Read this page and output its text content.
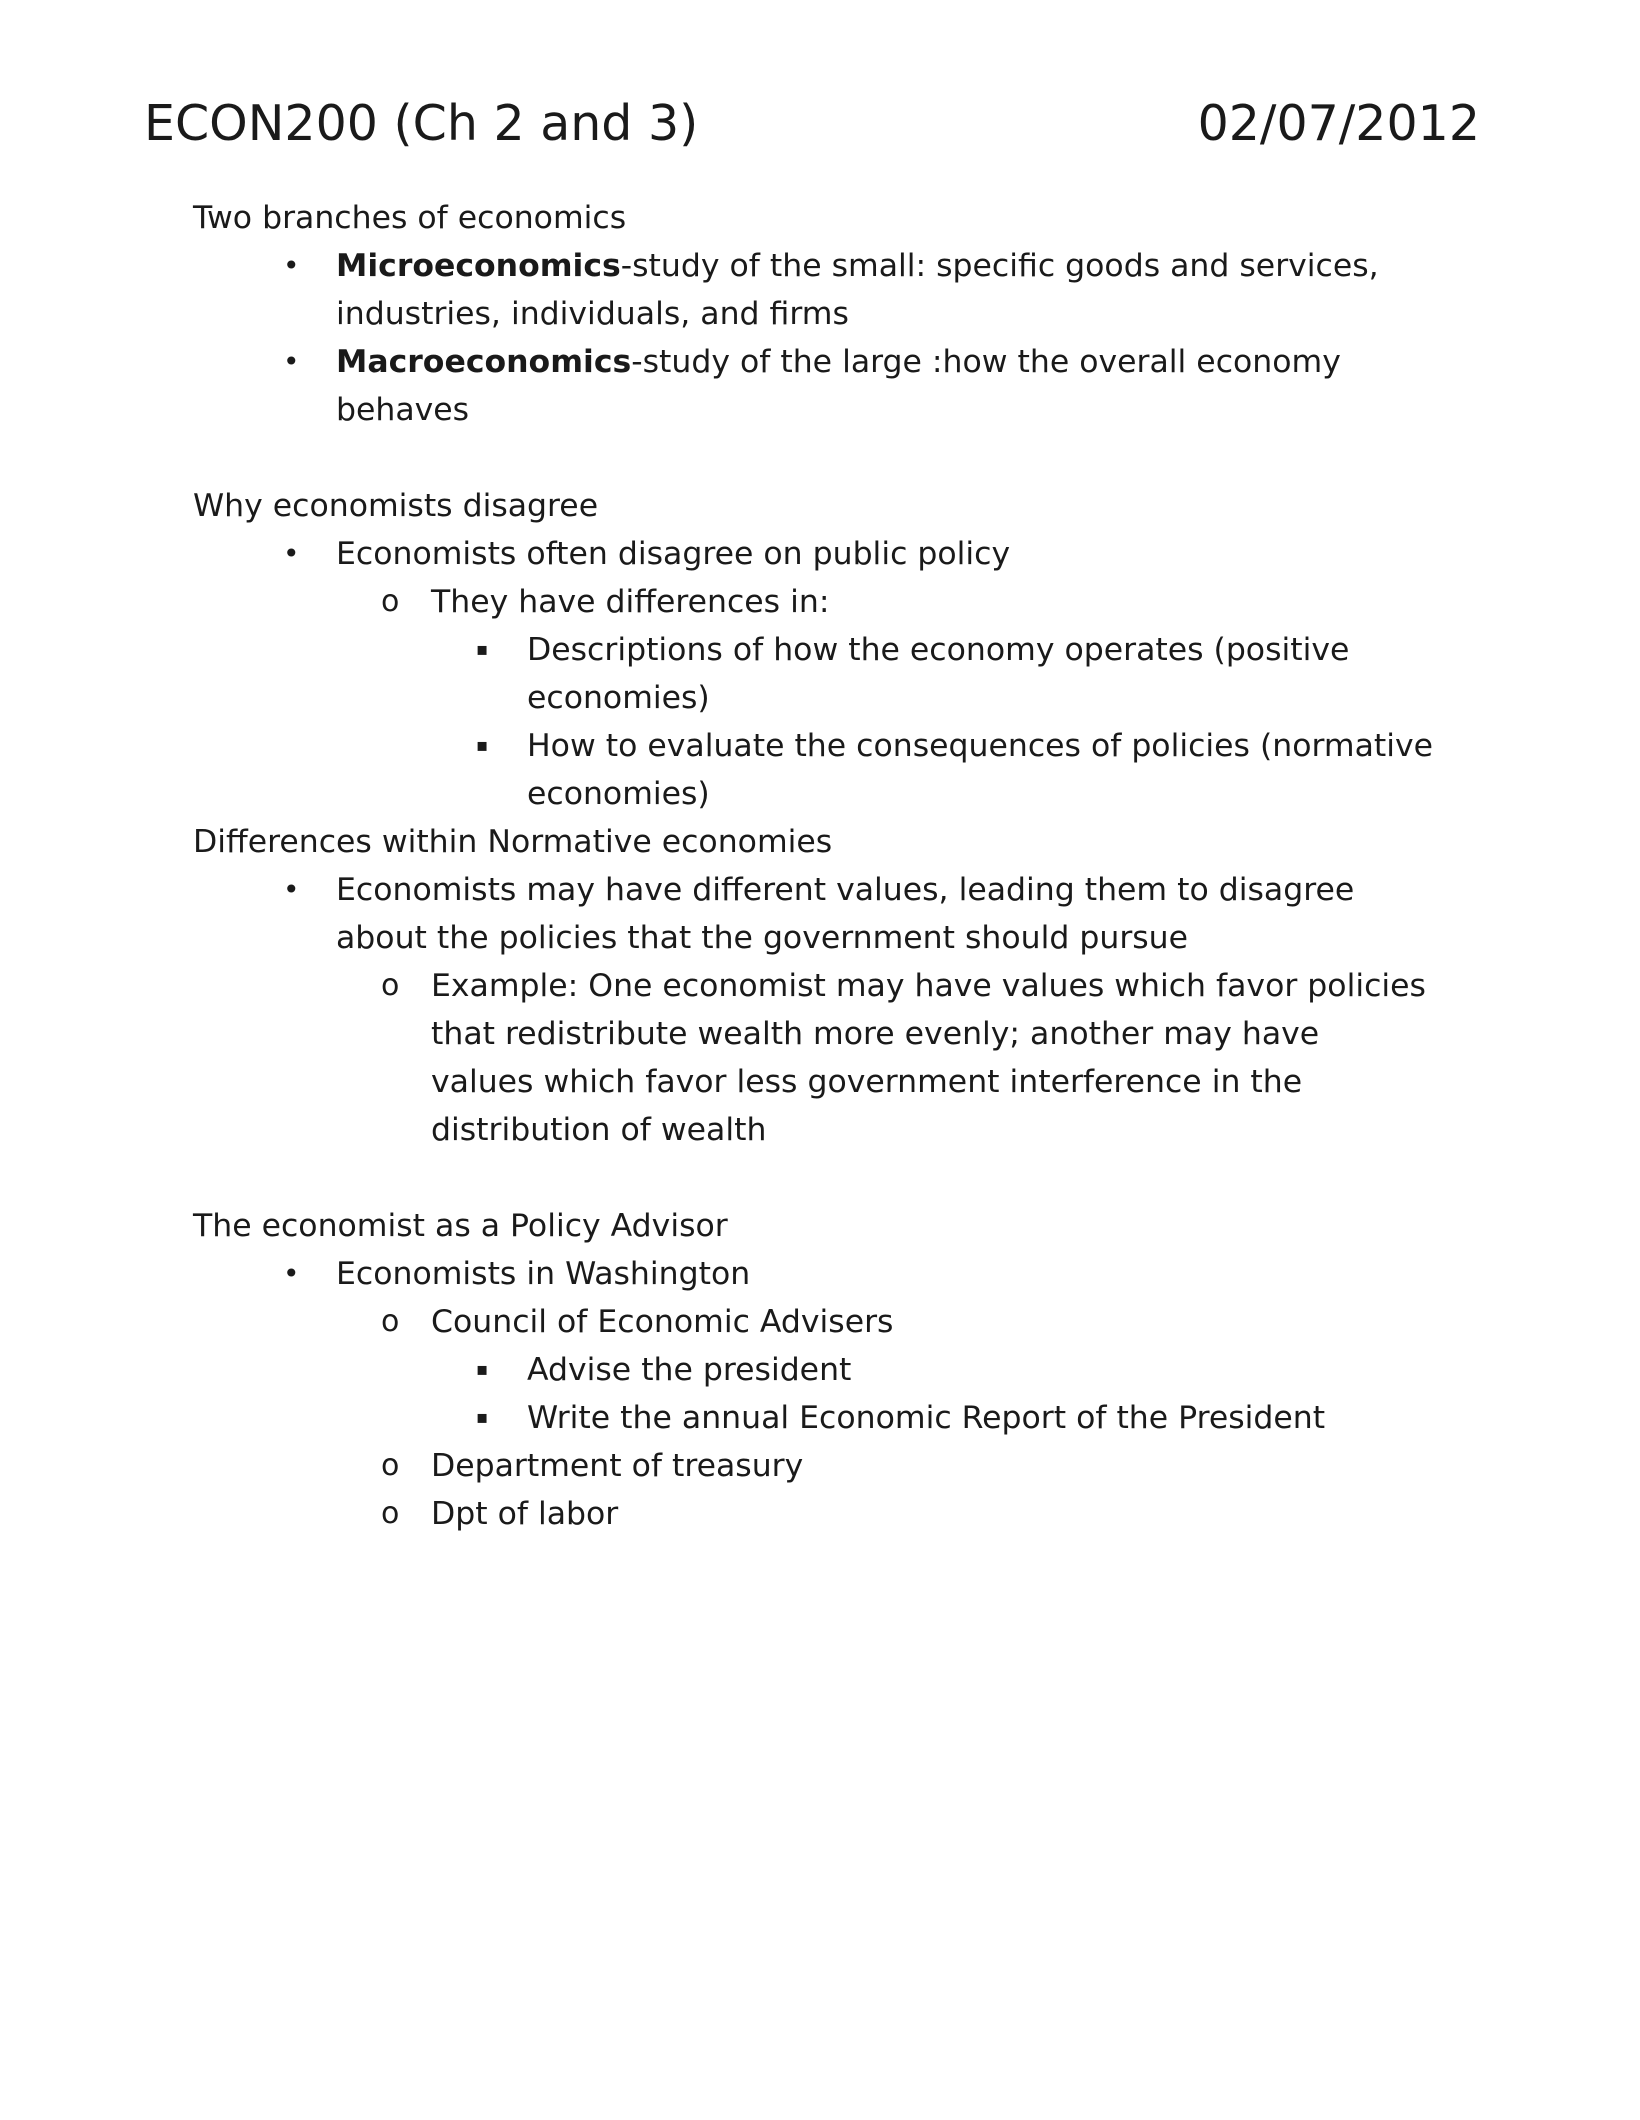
ECON200 (Ch 2 and 3)	02/07/2012

Two branches of economics

• Microeconomics-study of the small: specific goods and services, industries, individuals, and firms

• Macroeconomics-study of the large :how the overall economy behaves

Why economists disagree

• Economists often disagree on public policy

o They have differences in:

▪ Descriptions of how the economy operates (positive economies)

▪ How to evaluate the consequences of policies (normative economies)

Differences within Normative economies

• Economists may have different values, leading them to disagree about the policies that the government should pursue

o Example: One economist may have values which favor policies that redistribute wealth more evenly; another may have values which favor less government interference in the distribution of wealth

The economist as a Policy Advisor

• Economists in Washington

o Council of Economic Advisers

▪ Advise the president

▪ Write the annual Economic Report of the President

o Department of treasury

o Dpt of labor
